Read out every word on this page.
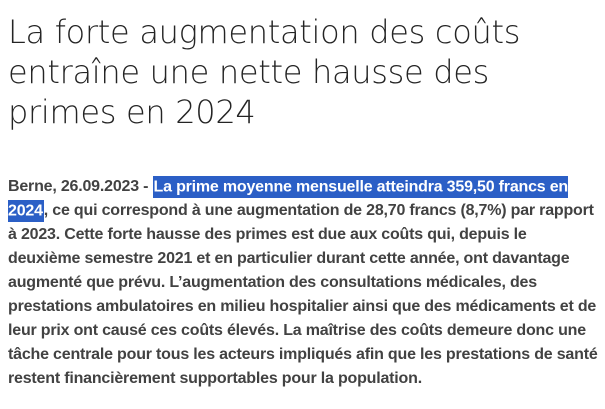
La forte augmentation des coûts entraîne une nette hausse des primes en 2024

Berne, 26.09.2023 - La prime moyenne mensuelle atteindra 359,50 francs en 2024, ce qui correspond à une augmentation de 28,70 francs (8,7%) par rapport à 2023. Cette forte hausse des primes est due aux coûts qui, depuis le deuxième semestre 2021 et en particulier durant cette année, ont davantage augmenté que prévu. L’augmentation des consultations médicales, des prestations ambulatoires en milieu hospitalier ainsi que des médicaments et de leur prix ont causé ces coûts élevés. La maîtrise des coûts demeure donc une tâche centrale pour tous les acteurs impliqués afin que les prestations de santé restent financièrement supportables pour la population.
